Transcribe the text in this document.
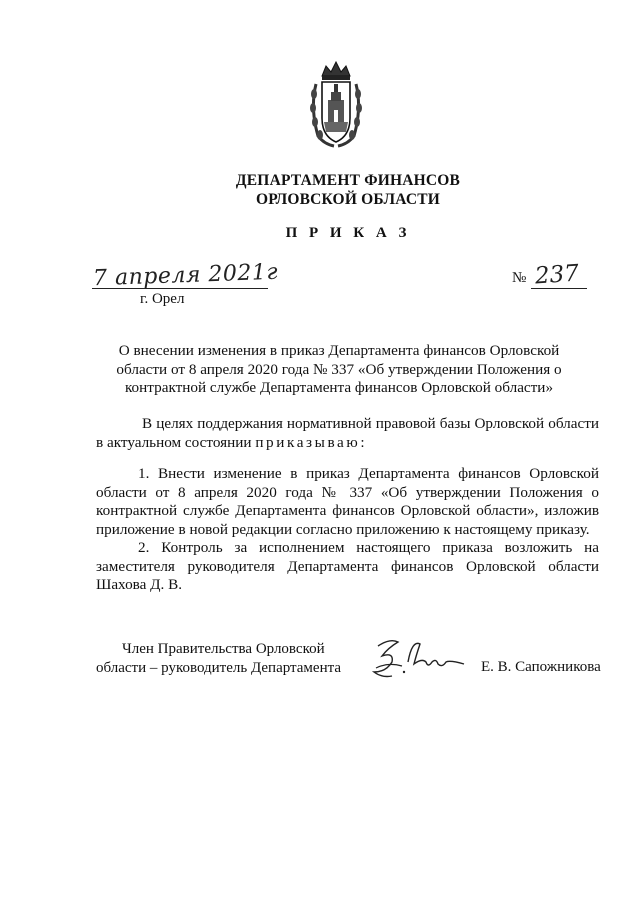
ДЕПАРТАМЕНТ ФИНАНСОВ
ОРЛОВСКОЙ ОБЛАСТИ
П Р И К А З
7 апреля 2021г
г. Орел
№ 237
О внесении изменения в приказ Департамента финансов Орловской
области от 8 апреля 2020 года № 337 «Об утверждении Положения о
контрактной службе Департамента финансов Орловской области»
В целях поддержания нормативной правовой базы Орловской области в актуальном состоянии приказываю:
1. Внести изменение в приказ Департамента финансов Орловской области от 8 апреля 2020 года № 337 «Об утверждении Положения о контрактной службе Департамента финансов Орловской области», изложив приложение в новой редакции согласно приложению к настоящему приказу.
2. Контроль за исполнением настоящего приказа возложить на заместителя руководителя Департамента финансов Орловской области Шахова Д. В.
Член Правительства Орловской
области – руководитель Департамента	Е. В. Сапожникова
